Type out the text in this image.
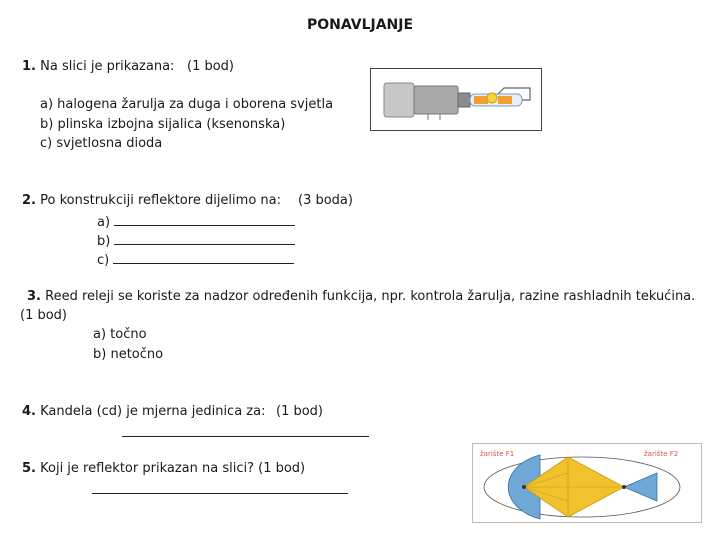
PONAVLJANJE
1. Na slici je prikazana: (1 bod)
a) halogena žarulja za duga i oborena svjetla
b) plinska izbojna sijalica (ksenonska)
c) svjetlosna dioda
2. Po konstrukciji reflektore dijelimo na: (3 boda)
a)
b)
c)
3. Reed releji se koriste za nadzor određenih funkcija, npr. kontrola žarulja, razine rashladnih tekućina.
(1 bod)
a) točno
b) netočno
4. Kandela (cd) je mjerna jedinica za: (1 bod)
5. Koji je reflektor prikazan na slici? (1 bod)
žarište F1	žarište F2
